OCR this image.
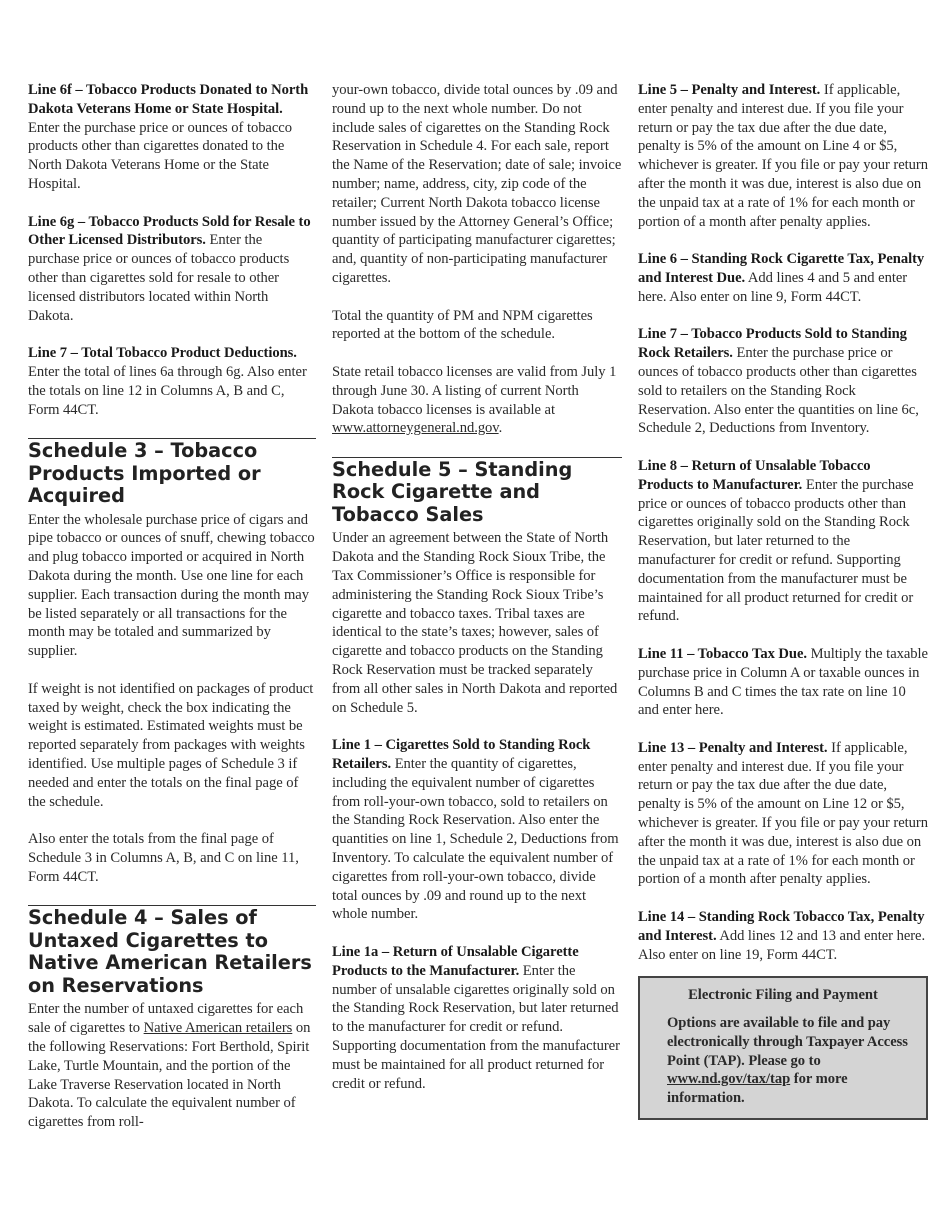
Line 6f – Tobacco Products Donated to North Dakota Veterans Home or State Hospital. Enter the purchase price or ounces of tobacco products other than cigarettes donated to the North Dakota Veterans Home or the State Hospital.

Line 6g – Tobacco Products Sold for Resale to Other Licensed Distributors. Enter the purchase price or ounces of tobacco products other than cigarettes sold for resale to other licensed distributors located within North Dakota.

Line 7 – Total Tobacco Product Deductions. Enter the total of lines 6a through 6g. Also enter the totals on line 12 in Columns A, B and C, Form 44CT.

Schedule 3 – Tobacco Products Imported or Acquired

Enter the wholesale purchase price of cigars and pipe tobacco or ounces of snuff, chewing tobacco and plug tobacco imported or acquired in North Dakota during the month. Use one line for each supplier. Each transaction during the month may be listed separately or all transactions for the month may be totaled and summarized by supplier.

If weight is not identified on packages of product taxed by weight, check the box indicating the weight is estimated. Estimated weights must be reported separately from packages with weights identified. Use multiple pages of Schedule 3 if needed and enter the totals on the final page of the schedule.

Also enter the totals from the final page of Schedule 3 in Columns A, B, and C on line 11, Form 44CT.

Schedule 4 – Sales of Untaxed Cigarettes to Native American Retailers on Reservations

Enter the number of untaxed cigarettes for each sale of cigarettes to Native American retailers on the following Reservations: Fort Berthold, Spirit Lake, Turtle Mountain, and the portion of the Lake Traverse Reservation located in North Dakota. To calculate the equivalent number of cigarettes from roll-

your-own tobacco, divide total ounces by .09 and round up to the next whole number. Do not include sales of cigarettes on the Standing Rock Reservation in Schedule 4. For each sale, report the Name of the Reservation; date of sale; invoice number; name, address, city, zip code of the retailer; Current North Dakota tobacco license number issued by the Attorney General’s Office; quantity of participating manufacturer cigarettes; and, quantity of non-participating manufacturer cigarettes.

Total the quantity of PM and NPM cigarettes reported at the bottom of the schedule.

State retail tobacco licenses are valid from July 1 through June 30. A listing of current North Dakota tobacco licenses is available at www.attorneygeneral.nd.gov.

Schedule 5 – Standing Rock Cigarette and Tobacco Sales

Under an agreement between the State of North Dakota and the Standing Rock Sioux Tribe, the Tax Commissioner’s Office is responsible for administering the Standing Rock Sioux Tribe’s cigarette and tobacco taxes. Tribal taxes are identical to the state’s taxes; however, sales of cigarette and tobacco products on the Standing Rock Reservation must be tracked separately from all other sales in North Dakota and reported on Schedule 5.

Line 1 – Cigarettes Sold to Standing Rock Retailers. Enter the quantity of cigarettes, including the equivalent number of cigarettes from roll-your-own tobacco, sold to retailers on the Standing Rock Reservation. Also enter the quantities on line 1, Schedule 2, Deductions from Inventory. To calculate the equivalent number of cigarettes from roll-your-own tobacco, divide total ounces by .09 and round up to the next whole number.

Line 1a – Return of Unsalable Cigarette Products to the Manufacturer. Enter the number of unsalable cigarettes originally sold on the Standing Rock Reservation, but later returned to the manufacturer for credit or refund. Supporting documentation from the manufacturer must be maintained for all product returned for credit or refund.

Line 5 – Penalty and Interest. If applicable, enter penalty and interest due. If you file your return or pay the tax due after the due date, penalty is 5% of the amount on Line 4 or $5, whichever is greater. If you file or pay your return after the month it was due, interest is also due on the unpaid tax at a rate of 1% for each month or portion of a month after penalty applies.

Line 6 – Standing Rock Cigarette Tax, Penalty and Interest Due. Add lines 4 and 5 and enter here. Also enter on line 9, Form 44CT.

Line 7 – Tobacco Products Sold to Standing Rock Retailers. Enter the purchase price or ounces of tobacco products other than cigarettes sold to retailers on the Standing Rock Reservation. Also enter the quantities on line 6c, Schedule 2, Deductions from Inventory.

Line 8 – Return of Unsalable Tobacco Products to Manufacturer. Enter the purchase price or ounces of tobacco products other than cigarettes originally sold on the Standing Rock Reservation, but later returned to the manufacturer for credit or refund. Supporting documentation from the manufacturer must be maintained for all product returned for credit or refund.

Line 11 – Tobacco Tax Due. Multiply the taxable purchase price in Column A or taxable ounces in Columns B and C times the tax rate on line 10 and enter here.

Line 13 – Penalty and Interest. If applicable, enter penalty and interest due. If you file your return or pay the tax due after the due date, penalty is 5% of the amount on Line 12 or $5, whichever is greater. If you file or pay your return after the month it was due, interest is also due on the unpaid tax at a rate of 1% for each month or portion of a month after penalty applies.

Line 14 – Standing Rock Tobacco Tax, Penalty and Interest. Add lines 12 and 13 and enter here. Also enter on line 19, Form 44CT.

Electronic Filing and Payment

Options are available to file and pay electronically through Taxpayer Access Point (TAP). Please go to www.nd.gov/tax/tap for more information.
